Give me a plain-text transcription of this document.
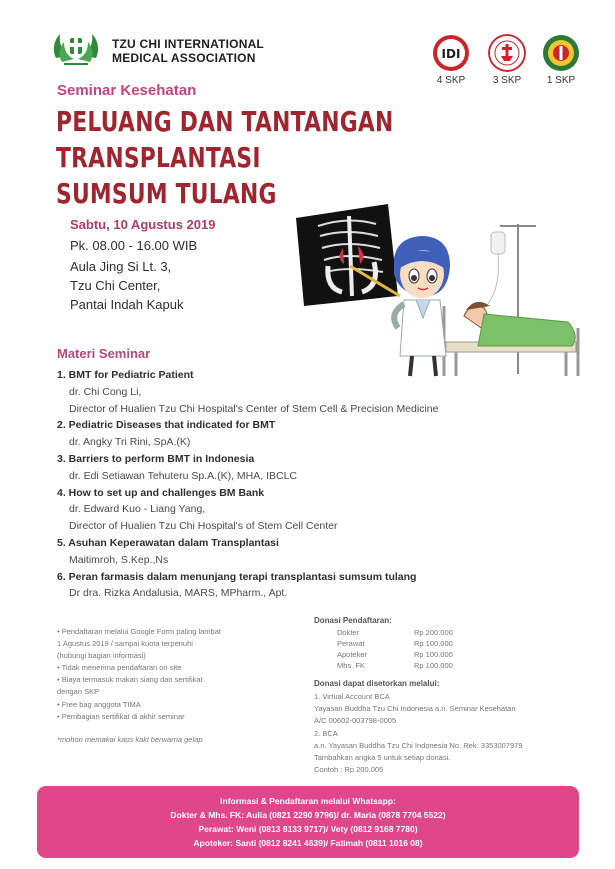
TZU CHI INTERNATIONAL
MEDICAL ASSOCIATION	IDI
4 SKP	3 SKP	1 SKP
Seminar Kesehatan
PELUANG DAN TANTANGAN
TRANSPLANTASI
SUMSUM TULANG
Sabtu, 10 Agustus 2019
Pk. 08.00 - 16.00 WIB
Aula Jing Si Lt. 3,
Tzu Chi Center,
Pantai Indah Kapuk
Materi Seminar
1. BMT for Pediatric Patient
dr. Chi Cong Li,
Director of Hualien Tzu Chi Hospital's Center of Stem Cell & Precision Medicine
2. Pediatric Diseases that indicated for BMT
dr. Angky Tri Rini, SpA.(K)
3. Barriers to perform BMT in Indonesia
dr. Edi Setiawan Tehuteru Sp.A.(K), MHA, IBCLC
4. How to set up and challenges BM Bank
dr. Edward Kuo - Liang Yang,
Director of Hualien Tzu Chi Hospital's of Stem Cell Center
5. Asuhan Keperawatan dalam Transplantasi
Maitimroh, S.Kep.,Ns
6. Peran farmasis dalam menunjang terapi transplantasi sumsum tulang
Dr dra. Rizka Andalusia, MARS, MPharm., Apt.
• Pendaftaran melalui Google Form paling lambat
1 Agustus 2019 / sampai kuota terpenuhi
(hubungi bagian informasi)
• Tidak menerima pendaftaran on site
• Biaya termasuk makan siang dan sertifikat
dengan SKP
• Free bag anggota TIMA
• Pembagian sertifikat di akhir seminar
*mohon memakai kaos kaki berwarna gelap
Donasi Pendaftaran:
Dokter	Rp 200.000
Perawat	Rp 100.000
Apoteker	Rp 100.000
Mhs. FK	Rp 100.000
Donasi dapat disetorkan melalui:
1. Virtual Account BCA
Yayasan Buddha Tzu Chi Indonesia a.n. Seminar Kesehatan
A/C 00602-003798-0005
2. BCA
a.n. Yayasan Buddha Tzu Chi Indonesia No. Rek. 3353007979
Tambahkan angka 5 untuk setiap donasi.
Contoh : Rp 200.005
Informasi & Pendaftaran melalui Whatsapp:
Dokter & Mhs. FK: Aulia (0821 2290 9796)/ dr. Maria (0878 7704 5522)
Perawat: Weni (0813 8133 9717)/ Vety (0812 9168 7780)
Apoteker: Santi (0812 8241 4639)/ Fatimah (0811 1016 08)
